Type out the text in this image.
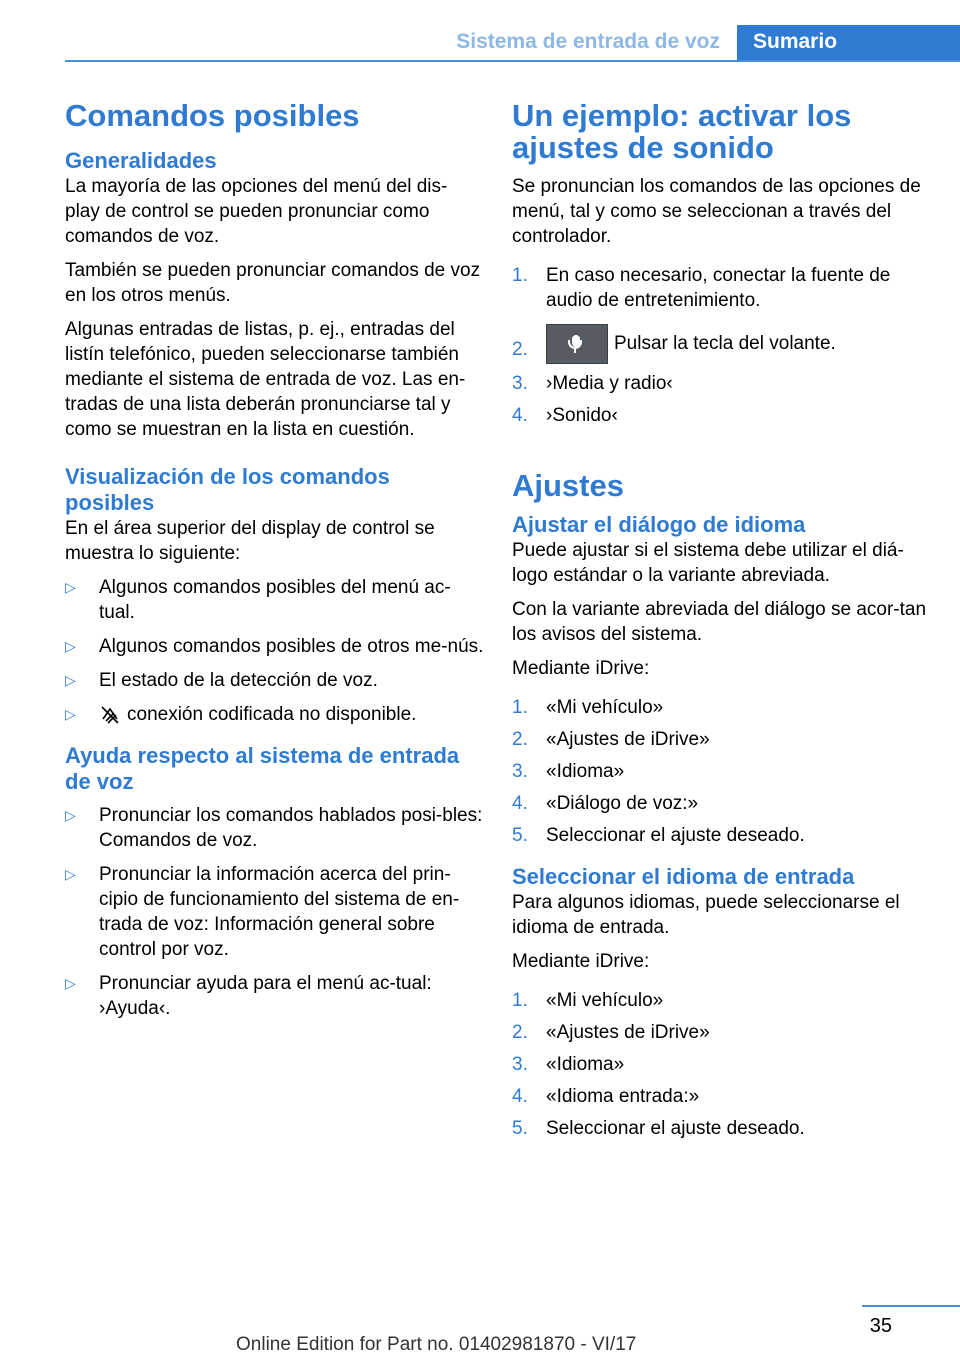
Sistema de entrada de voz	Sumario
Comandos posibles
Generalidades

La mayoría de las opciones del menú del dis- play de control se pueden pronunciar como comandos de voz.

También se pueden pronunciar comandos de voz en los otros menús.

Algunas entradas de listas, p. ej., entradas del listín telefónico, pueden seleccionarse también mediante el sistema de entrada de voz. Las en-tradas de una lista deberán pronunciarse tal y como se muestran en la lista en cuestión.

Visualización de los comandos posibles

En el área superior del display de control se muestra lo siguiente:

▷ Algunos comandos posibles del menú ac-tual.
▷ Algunos comandos posibles de otros me-nús.
▷ El estado de la detección de voz.
▷	conexión codificada no disponible.
Ayuda respecto al sistema de entrada de voz
▷ Pronunciar los comandos hablados posi-bles: Comandos de voz.
▷ Pronunciar la información acerca del prin-cipio de funcionamiento del sistema de en-trada de voz: Información general sobre control por voz.
▷ Pronunciar ayuda para el menú ac-tual: ›Ayuda‹.
Un ejemplo: activar los ajustes de sonido

Se pronuncian los comandos de las opciones de menú, tal y como se seleccionan a través del controlador.

1. En caso necesario, conectar la fuente de audio de entretenimiento.
2.	Pulsar la tecla del volante.
3. ›Media y radio‹
4. ›Sonido‹
Ajustes
Ajustar el diálogo de idioma

Puede ajustar si el sistema debe utilizar el diá-logo estándar o la variante abreviada.

Con la variante abreviada del diálogo se acor-tan los avisos del sistema.

Mediante iDrive:

1. «Mi vehículo»
2. «Ajustes de iDrive»
3. «Idioma»
4. «Diálogo de voz:»
5. Seleccionar el ajuste deseado.
Seleccionar el idioma de entrada

Para algunos idiomas, puede seleccionarse el idioma de entrada.

Mediante iDrive:

1. «Mi vehículo»
2. «Ajustes de iDrive»
3. «Idioma»
4. «Idioma entrada:»
5. Seleccionar el ajuste deseado.
35
Online Edition for Part no. 01402981870 - VI/17
